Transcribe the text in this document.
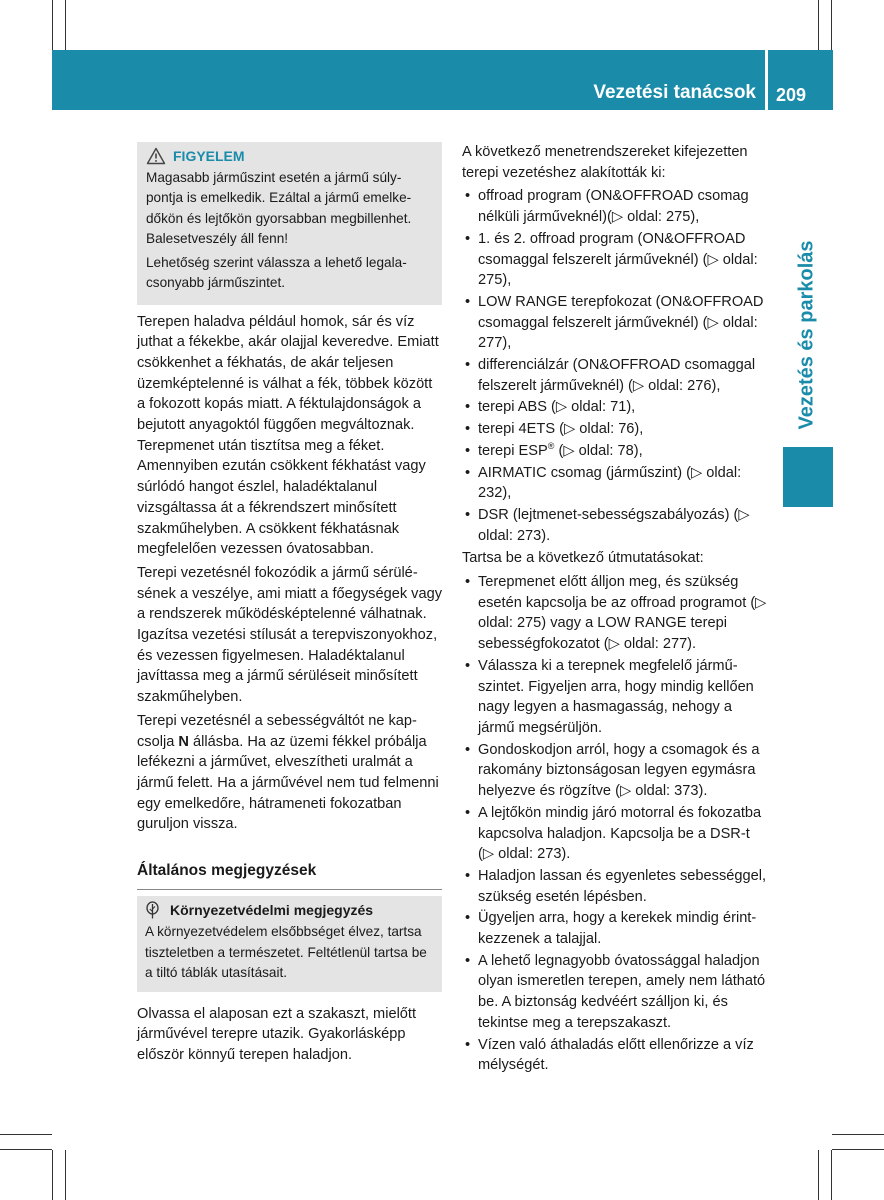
Vezetési tanácsok 209
Vezetés és parkolás
FIGYELEM

Magasabb járműszint esetén a jármű súlypontja is emelkedik. Ezáltal a jármű emelkedőkön és lejtőkön gyorsabban megbillenhet. Balesetveszély áll fenn!

Lehetőség szerint válassza a lehető legalacsonyabb járműszintet.

Terepen haladva például homok, sár és víz juthat a fékekbe, akár olajjal keveredve. Emiatt csökkenhet a fékhatás, de akár teljesen üzemképtelenné is válhat a fék, többek között a fokozott kopás miatt. A féktulajdonságok a bejutott anyagoktól függően megváltoznak. Terepmenet után tisztítsa meg a féket. Amennyiben ezután csökkent fékhatást vagy súrlódó hangot észlel, haladéktalanul vizsgáltassa át a fékrendszert minősített szakműhelyben. A csökkent fékhatásnak megfelelően vezessen óvatosabban.

Terepi vezetésnél fokozódik a jármű sérülésének a veszélye, ami miatt a főegységek vagy a rendszerek működésképtelenné válhatnak. Igazítsa vezetési stílusát a terepviszonyokhoz, és vezessen figyelmesen. Haladéktalanul javíttassa meg a jármű sérüléseit minősített szakműhelyben.

Terepi vezetésnél a sebességváltót ne kapcsolja N állásba. Ha az üzemi fékkel próbálja lefékezni a járművet, elveszítheti uralmát a jármű felett. Ha a járművével nem tud felmenni egy emelkedőre, hátrameneti fokozatban guruljon vissza.

Általános megjegyzések
Környezetvédelmi megjegyzés
A környezetvédelem elsőbbséget élvez, tartsa tiszteletben a természetet. Feltétlenül tartsa be a tiltó táblák utasításait.

Olvassa el alaposan ezt a szakaszt, mielőtt járművével terepre utazik. Gyakorlásképp először könnyű terepen haladjon.

A következő menetrendszereket kifejezetten terepi vezetéshez alakították ki:

• offroad program (ON&OFFROAD csomag nélküli járműveknél)(▷ oldal: 275),
• 1. és 2. offroad program (ON&OFFROAD csomaggal felszerelt járműveknél) (▷ oldal: 275),
• LOW RANGE terepfokozat (ON&OFFROAD csomaggal felszerelt járműveknél) (▷ oldal: 277),
• differenciálzár (ON&OFFROAD csomaggal felszerelt járműveknél) (▷ oldal: 276),
• terepi ABS (▷ oldal: 71),
• terepi 4ETS (▷ oldal: 76),
• terepi ESP® (▷ oldal: 78),
• AIRMATIC csomag (járműszint) (▷ oldal: 232),
• DSR (lejtmenet-sebességszabályozás) (▷ oldal: 273).

Tartsa be a következő útmutatásokat:

• Terepmenet előtt álljon meg, és szükség esetén kapcsolja be az offroad programot (▷ oldal: 275) vagy a LOW RANGE terepi sebességfokozatot (▷ oldal: 277).
• Válassza ki a terepnek megfelelő járműszintet. Figyeljen arra, hogy mindig kellően nagy legyen a hasmagasság, nehogy a jármű megsérüljön.
• Gondoskodjon arról, hogy a csomagok és a rakomány biztonságosan legyen egymásra helyezve és rögzítve (▷ oldal: 373).
• A lejtőkön mindig járó motorral és fokozatba kapcsolva haladjon. Kapcsolja be a DSR-t (▷ oldal: 273).
• Haladjon lassan és egyenletes sebességgel, szükség esetén lépésben.
• Ügyeljen arra, hogy a kerekek mindig érintkezzenek a talajjal.
• A lehető legnagyobb óvatossággal haladjon olyan ismeretlen terepen, amely nem látható be. A biztonság kedvéért szálljon ki, és tekintse meg a terepszakaszt.
• Vízen való áthaladás előtt ellenőrizze a víz mélységét.
